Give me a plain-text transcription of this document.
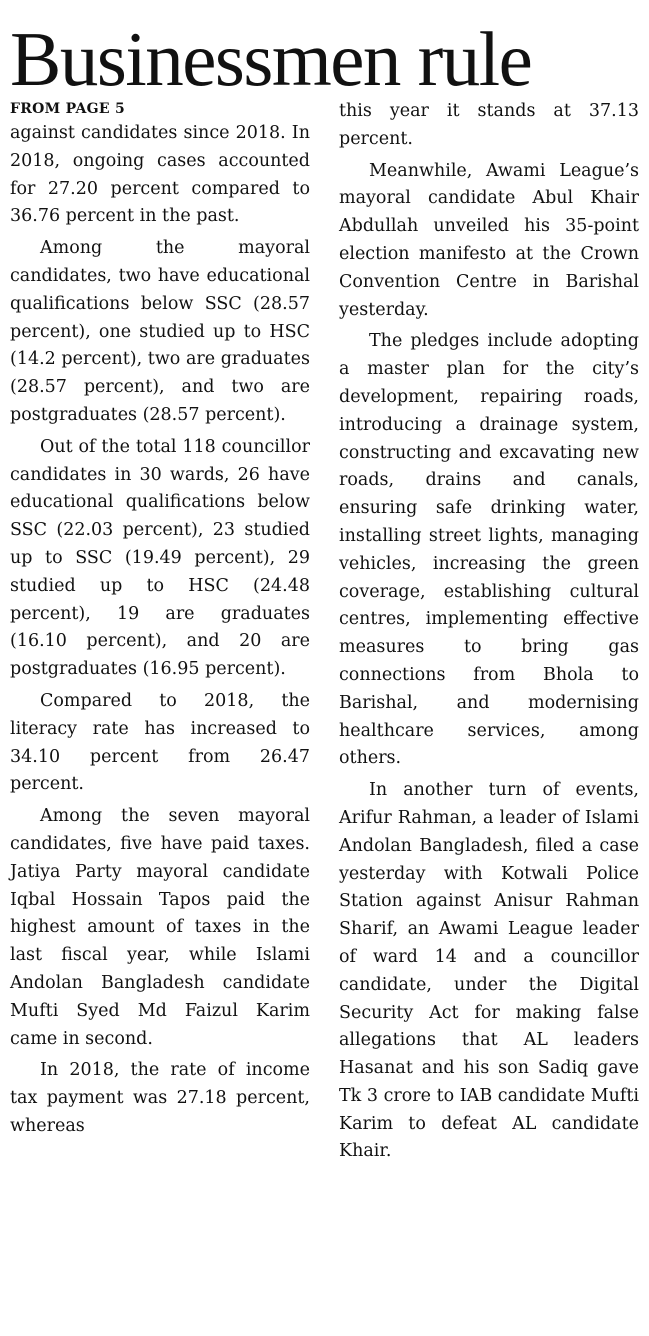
Businessmen rule

FROM PAGE 5

against candidates since 2018. In 2018, ongoing cases accounted for 27.20 percent compared to 36.76 percent in the past.

Among the mayoral candidates, two have educational qualifications below SSC (28.57 percent), one studied up to HSC (14.2 percent), two are graduates (28.57 percent), and two are postgraduates (28.57 percent).

Out of the total 118 councillor candidates in 30 wards, 26 have educational qualifications below SSC (22.03 percent), 23 studied up to SSC (19.49 percent), 29 studied up to HSC (24.48 percent), 19 are graduates (16.10 percent), and 20 are postgraduates (16.95 percent).

Compared to 2018, the literacy rate has increased to 34.10 percent from 26.47 percent.

Among the seven mayoral candidates, five have paid taxes. Jatiya Party mayoral candidate Iqbal Hossain Tapos paid the highest amount of taxes in the last fiscal year, while Islami Andolan Bangladesh candidate Mufti Syed Md Faizul Karim came in second.

In 2018, the rate of income tax payment was 27.18 percent, whereas

this year it stands at 37.13 percent.

Meanwhile, Awami League’s mayoral candidate Abul Khair Abdullah unveiled his 35-point election manifesto at the Crown Convention Centre in Barishal yesterday.

The pledges include adopting a master plan for the city’s development, repairing roads, introducing a drainage system, constructing and excavating new roads, drains and canals, ensuring safe drinking water, installing street lights, managing vehicles, increasing the green coverage, establishing cultural centres, implementing effective measures to bring gas connections from Bhola to Barishal, and modernising healthcare services, among others.

In another turn of events, Arifur Rahman, a leader of Islami Andolan Bangladesh, filed a case yesterday with Kotwali Police Station against Anisur Rahman Sharif, an Awami League leader of ward 14 and a councillor candidate, under the Digital Security Act for making false allegations that AL leaders Hasanat and his son Sadiq gave Tk 3 crore to IAB candidate Mufti Karim to defeat AL candidate Khair.
